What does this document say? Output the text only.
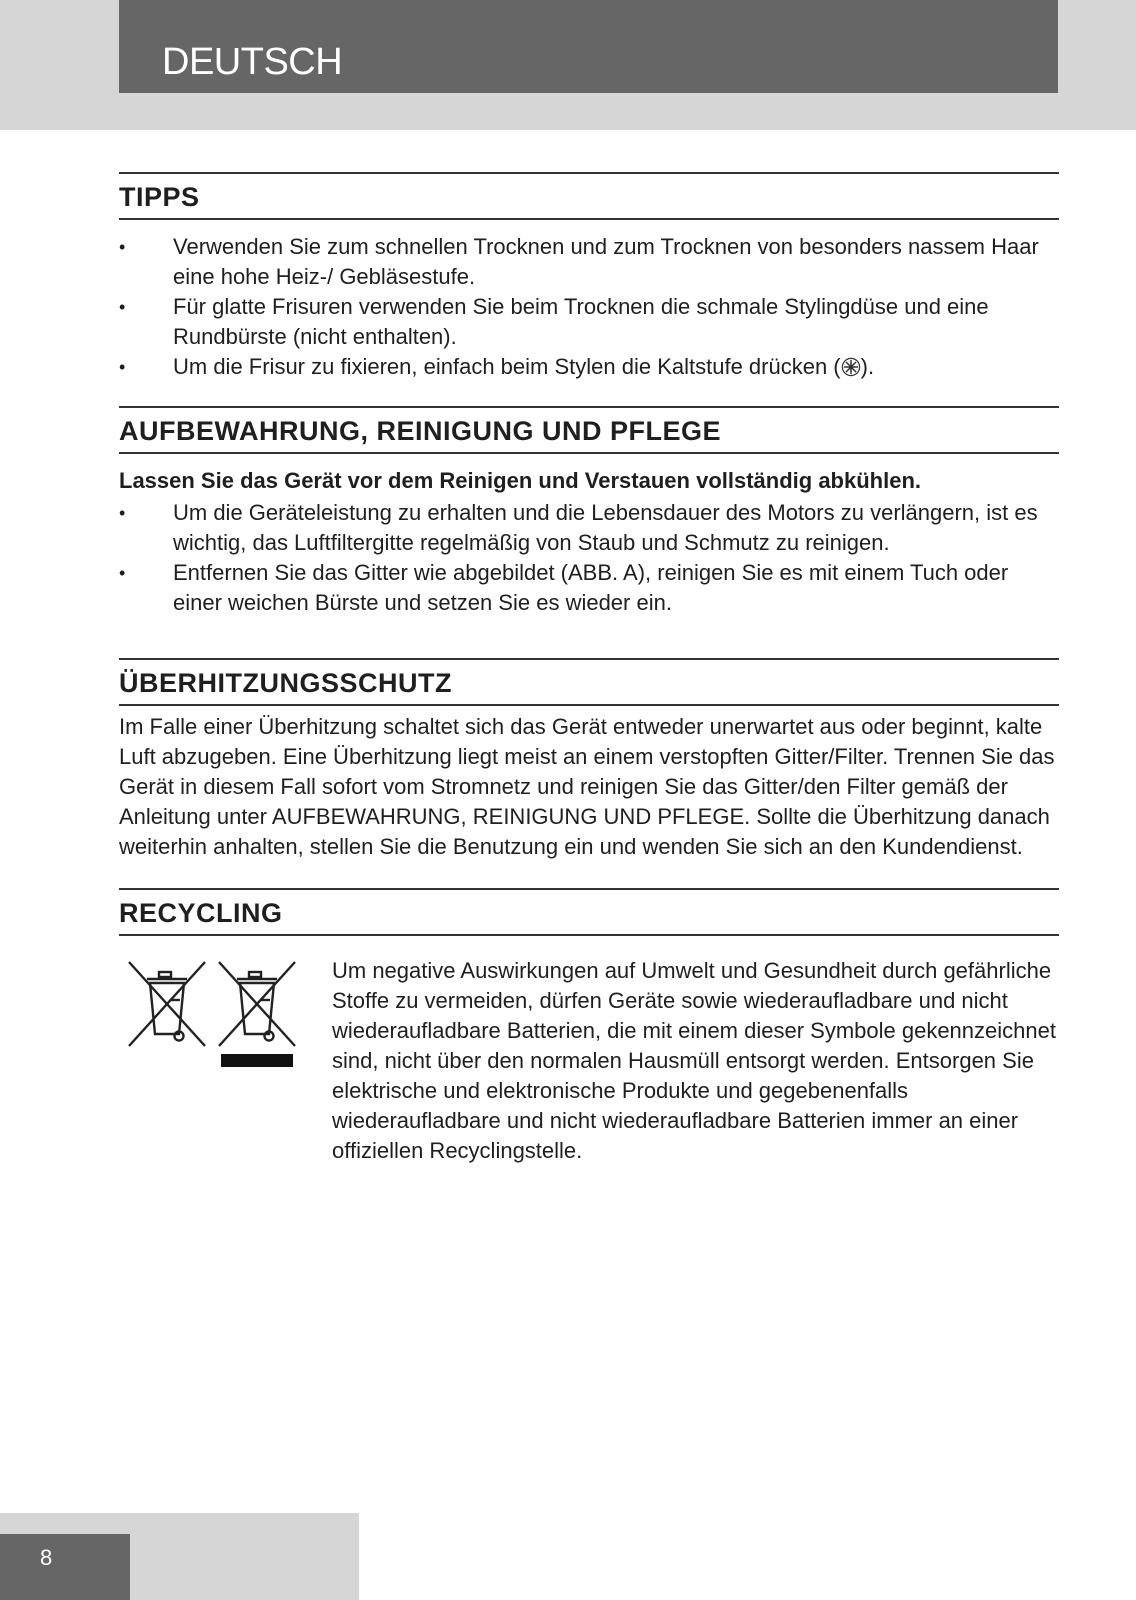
DEUTSCH
TIPPS
•	Verwenden Sie zum schnellen Trocknen und zum Trocknen von besonders nassem Haar eine hohe Heiz-/ Gebläsestufe.
•	Für glatte Frisuren verwenden Sie beim Trocknen die schmale Stylingdüse und eine Rundbürste (nicht enthalten).
•	Um die Frisur zu fixieren, einfach beim Stylen die Kaltstufe drücken ( ).
AUFBEWAHRUNG, REINIGUNG UND PFLEGE

Lassen Sie das Gerät vor dem Reinigen und Verstauen vollständig abkühlen.

•	Um die Geräteleistung zu erhalten und die Lebensdauer des Motors zu verlängern, ist es wichtig, das Luftfiltergitte regelmäßig von Staub und Schmutz zu reinigen.
•	Entfernen Sie das Gitter wie abgebildet (ABB. A), reinigen Sie es mit einem Tuch oder einer weichen Bürste und setzen Sie es wieder ein.
ÜBERHITZUNGSSCHUTZ

Im Falle einer Überhitzung schaltet sich das Gerät entweder unerwartet aus oder beginnt, kalte Luft abzugeben. Eine Überhitzung liegt meist an einem verstopften Gitter/Filter. Trennen Sie das Gerät in diesem Fall sofort vom Stromnetz und reinigen Sie das Gitter/den Filter gemäß der Anleitung unter AUFBEWAHRUNG, REINIGUNG UND PFLEGE. Sollte die Überhitzung danach weiterhin anhalten, stellen Sie die Benutzung ein und wenden Sie sich an den Kundendienst.

RECYCLING

Um negative Auswirkungen auf Umwelt und Gesundheit durch gefährliche Stoffe zu vermeiden, dürfen Geräte sowie wiederaufladbare und nicht wiederaufladbare Batterien, die mit einem dieser Symbole gekennzeichnet sind, nicht über den normalen Hausmüll entsorgt werden. Entsorgen Sie elektrische und elektronische Produkte und gegebenenfalls wiederaufladbare und nicht wiederaufladbare Batterien immer an einer offiziellen Recyclingstelle.

8
